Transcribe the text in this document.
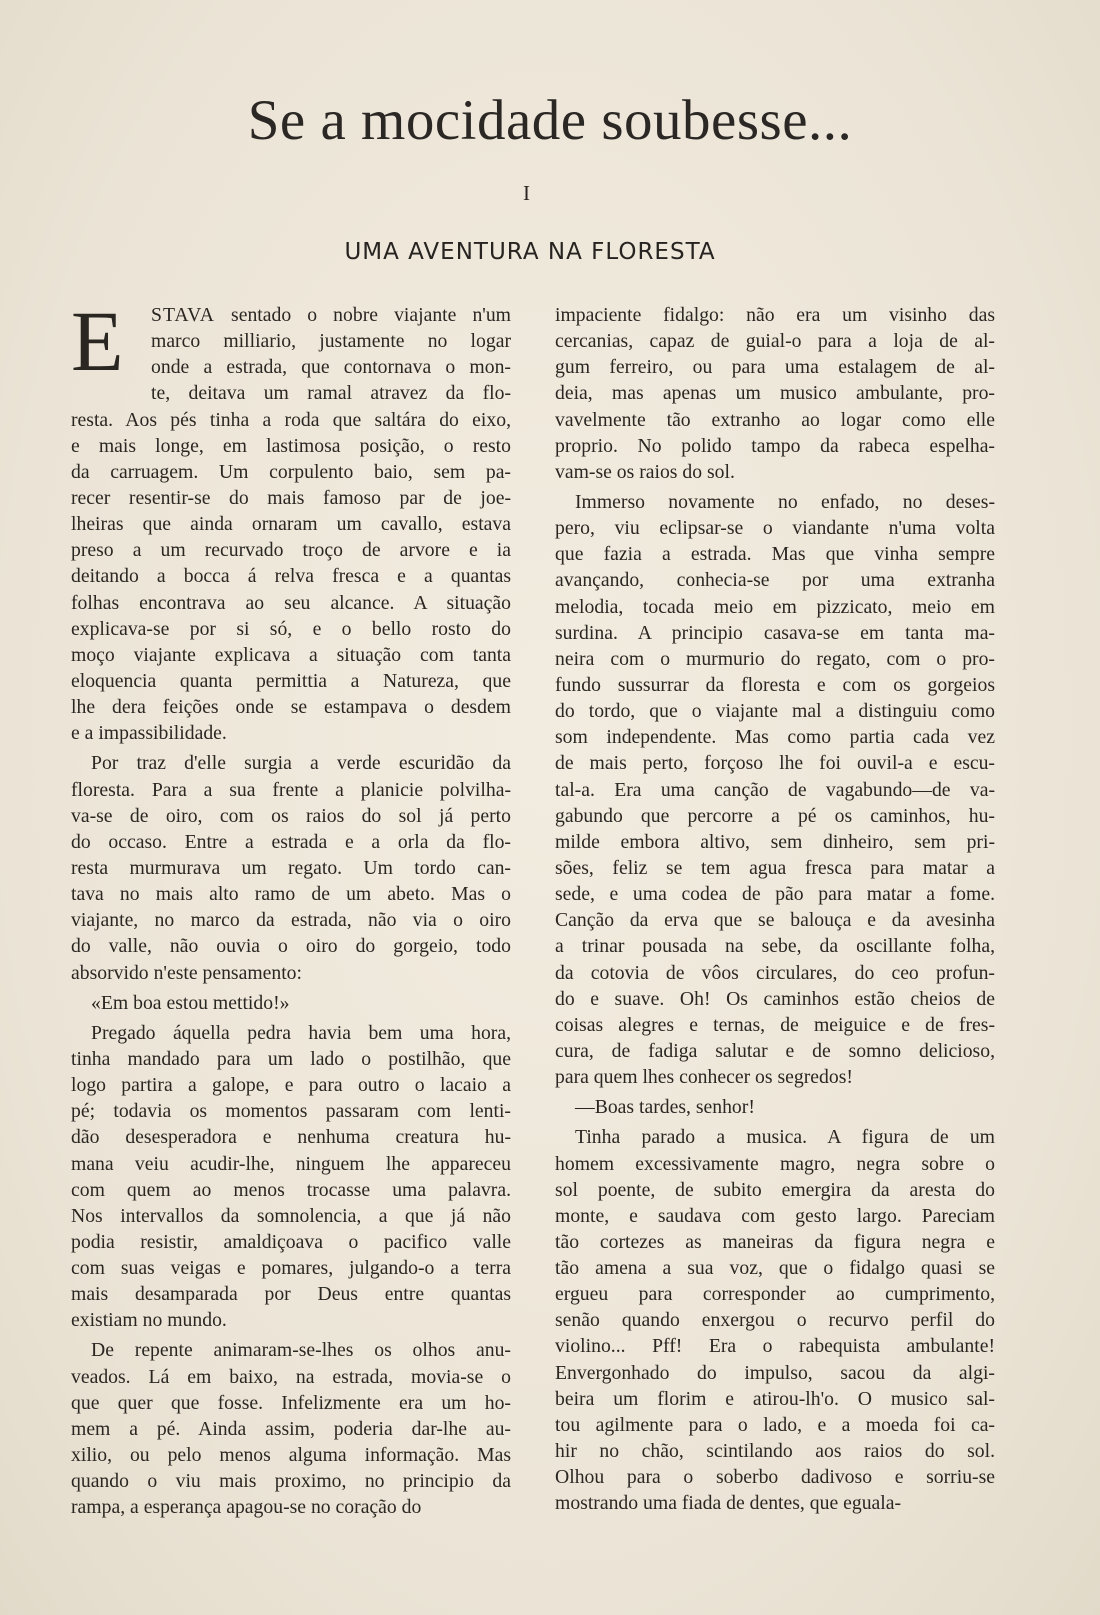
Se a mocidade soubesse...
I
UMA AVENTURA NA FLORESTA
E	STAVA sentado o nobre viajante n'um
marco milliario, justamente no logar
onde a estrada, que contornava o mon-
te, deitava um ramal atravez da flo-

resta. Aos pés tinha a roda que saltára do eixo,
e mais longe, em lastimosa posição, o resto
da carruagem. Um corpulento baio, sem pa-
recer resentir-se do mais famoso par de joe-
lheiras que ainda ornaram um cavallo, estava
preso a um recurvado troço de arvore e ia
deitando a bocca á relva fresca e a quantas
folhas encontrava ao seu alcance. A situação
explicava-se por si só, e o bello rosto do
moço viajante explicava a situação com tanta
eloquencia quanta permittia a Natureza, que
lhe dera feições onde se estampava o desdem
e a impassibilidade.

Por traz d'elle surgia a verde escuridão da
floresta. Para a sua frente a planicie polvilha-
va-se de oiro, com os raios do sol já perto
do occaso. Entre a estrada e a orla da flo-
resta murmurava um regato. Um tordo can-
tava no mais alto ramo de um abeto. Mas o
viajante, no marco da estrada, não via o oiro
do valle, não ouvia o oiro do gorgeio, todo
absorvido n'este pensamento:

«Em boa estou mettido!»

Pregado áquella pedra havia bem uma hora,
tinha mandado para um lado o postilhão, que
logo partira a galope, e para outro o lacaio a
pé; todavia os momentos passaram com lenti-
dão desesperadora e nenhuma creatura hu-
mana veiu acudir-lhe, ninguem lhe appareceu
com quem ao menos trocasse uma palavra.
Nos intervallos da somnolencia, a que já não
podia resistir, amaldiçoava o pacifico valle
com suas veigas e pomares, julgando-o a terra
mais desamparada por Deus entre quantas
existiam no mundo.

De repente animaram-se-lhes os olhos anu-
veados. Lá em baixo, na estrada, movia-se o
que quer que fosse. Infelizmente era um ho-
mem a pé. Ainda assim, poderia dar-lhe au-
xilio, ou pelo menos alguma informação. Mas
quando o viu mais proximo, no principio da
rampa, a esperança apagou-se no coração do

impaciente fidalgo: não era um visinho das
cercanias, capaz de guial-o para a loja de al-
gum ferreiro, ou para uma estalagem de al-
deia, mas apenas um musico ambulante, pro-
vavelmente tão extranho ao logar como elle
proprio. No polido tampo da rabeca espelha-
vam-se os raios do sol.

Immerso novamente no enfado, no deses-
pero, viu eclipsar-se o viandante n'uma volta
que fazia a estrada. Mas que vinha sempre
avançando, conhecia-se por uma extranha
melodia, tocada meio em pizzicato, meio em
surdina. A principio casava-se em tanta ma-
neira com o murmurio do regato, com o pro-
fundo sussurrar da floresta e com os gorgeios
do tordo, que o viajante mal a distinguiu como
som independente. Mas como partia cada vez
de mais perto, forçoso lhe foi ouvil-a e escu-
tal-a. Era uma canção de vagabundo—de va-
gabundo que percorre a pé os caminhos, hu-
milde embora altivo, sem dinheiro, sem pri-
sões, feliz se tem agua fresca para matar a
sede, e uma codea de pão para matar a fome.
Canção da erva que se balouça e da avesinha
a trinar pousada na sebe, da oscillante folha,
da cotovia de vôos circulares, do ceo profun-
do e suave. Oh! Os caminhos estão cheios de
coisas alegres e ternas, de meiguice e de fres-
cura, de fadiga salutar e de somno delicioso,
para quem lhes conhecer os segredos!

—Boas tardes, senhor!

Tinha parado a musica. A figura de um
homem excessivamente magro, negra sobre o
sol poente, de subito emergira da aresta do
monte, e saudava com gesto largo. Pareciam
tão cortezes as maneiras da figura negra e
tão amena a sua voz, que o fidalgo quasi se
ergueu para corresponder ao cumprimento,
senão quando enxergou o recurvo perfil do
violino... Pff! Era o rabequista ambulante!
Envergonhado do impulso, sacou da algi-
beira um florim e atirou-lh'o. O musico sal-
tou agilmente para o lado, e a moeda foi ca-
hir no chão, scintilando aos raios do sol.
Olhou para o soberbo dadivoso e sorriu-se
mostrando uma fiada de dentes, que eguala-
